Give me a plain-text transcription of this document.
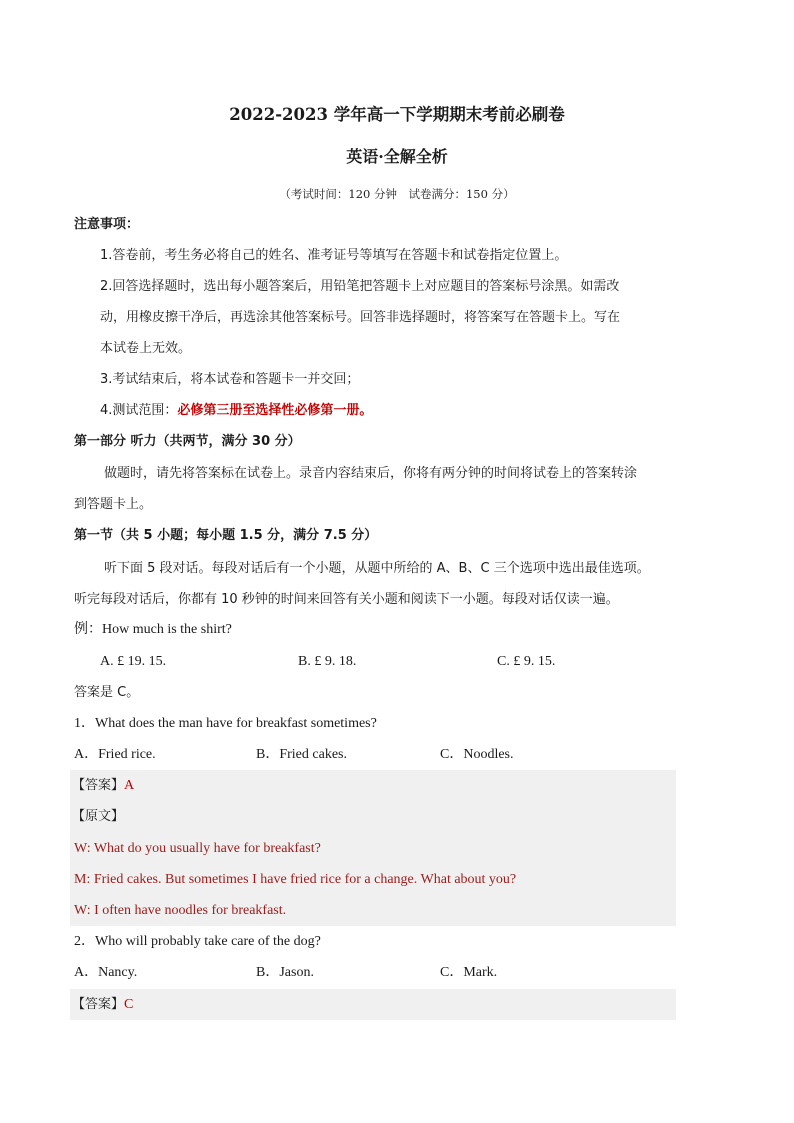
2022-2023 学年高一下学期期末考前必刷卷
英语·全解全析
（考试时间：120 分钟　试卷满分：150 分）
注意事项：
1.答卷前，考生务必将自己的姓名、准考证号等填写在答题卡和试卷指定位置上。
2.回答选择题时，选出每小题答案后，用铅笔把答题卡上对应题目的答案标号涂黑。如需改
动，用橡皮擦干净后，再选涂其他答案标号。回答非选择题时，将答案写在答题卡上。写在
本试卷上无效。
3.考试结束后，将本试卷和答题卡一并交回；
4.测试范围：必修第三册至选择性必修第一册。
第一部分 听力（共两节，满分 30 分）
做题时，请先将答案标在试卷上。录音内容结束后，你将有两分钟的时间将试卷上的答案转涂
到答题卡上。
第一节（共 5 小题；每小题 1.5 分，满分 7.5 分）
听下面 5 段对话。每段对话后有一个小题，从题中所给的 A、B、C 三个选项中选出最佳选项。
听完每段对话后，你都有 10 秒钟的时间来回答有关小题和阅读下一小题。每段对话仅读一遍。
例：How much is the shirt?
A. £ 19. 15.	B. £ 9. 18.	C. £ 9. 15.
答案是 C。
1．What does the man have for breakfast sometimes?
A．Fried rice.	B．Fried cakes.	C．Noodles.
【答案】A
【原文】
W: What do you usually have for breakfast?
M: Fried cakes. But sometimes I have fried rice for a change. What about you?
W: I often have noodles for breakfast.
2．Who will probably take care of the dog?
A．Nancy.	B．Jason.	C．Mark.
【答案】C
